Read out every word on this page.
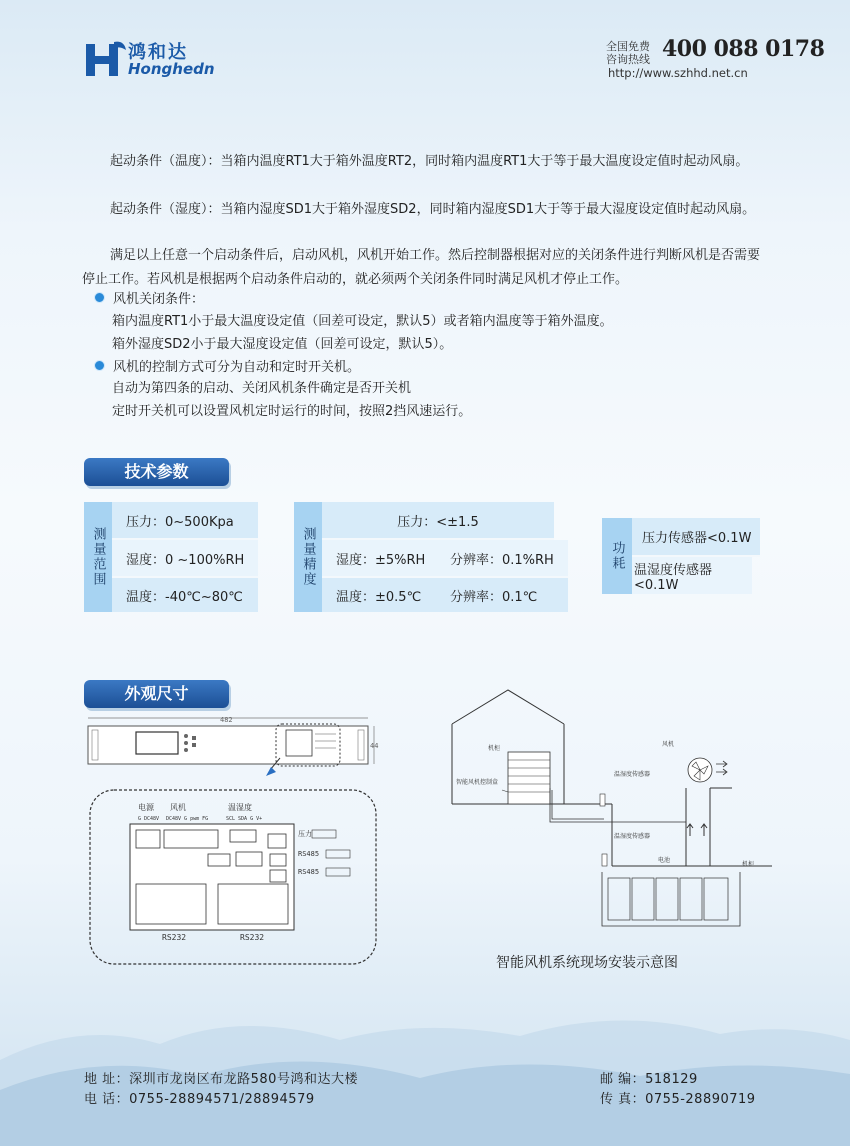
鸿和达
Honghedn
全国免费
咨询热线 400 088 0178
http://www.szhhd.net.cn
起动条件（温度）：当箱内温度RT1大于箱外温度RT2，同时箱内温度RT1大于等于最大温度设定值时起动风扇。
起动条件（湿度）：当箱内湿度SD1大于箱外湿度SD2，同时箱内湿度SD1大于等于最大湿度设定值时起动风扇。
满足以上任意一个启动条件后，启动风机，风机开始工作。然后控制器根据对应的关闭条件进行判断风机是否需要停止工作。若风机是根据两个启动条件启动的，就必须两个关闭条件同时满足风机才停止工作。
风机关闭条件：
箱内温度RT1小于最大温度设定值（回差可设定，默认5）或者箱内温度等于箱外温度。
箱外湿度SD2小于最大湿度设定值（回差可设定，默认5）。
风机的控制方式可分为自动和定时开关机。
自动为第四条的启动、关闭风机条件确定是否开关机
定时开关机可以设置风机定时运行的时间，按照2挡风速运行。
技术参数
测量范围
压力：0~500Kpa
湿度：0 ~100%RH
温度：-40℃~80℃
测量精度
压力：<±1.5
湿度：±5%RH	分辨率：0.1%RH
温度：±0.5℃	分辨率：0.1℃
功耗
压力传感器<0.1W
温湿度传感器<0.1W
外观尺寸
482
44
电源 风机	温湿度
G DC48V DC48V G pwm FG	SCL SDA G V+
压力
RS485
RS485
RS232	RS232
机柜
智能风机控制盒
温湿度传感器
风机
温湿度传感器
电池
机柜
智能风机系统现场安装示意图
地 址：深圳市龙岗区布龙路580号鸿和达大楼
电 话：0755-28894571/28894579
邮 编：518129
传 真：0755-28890719
